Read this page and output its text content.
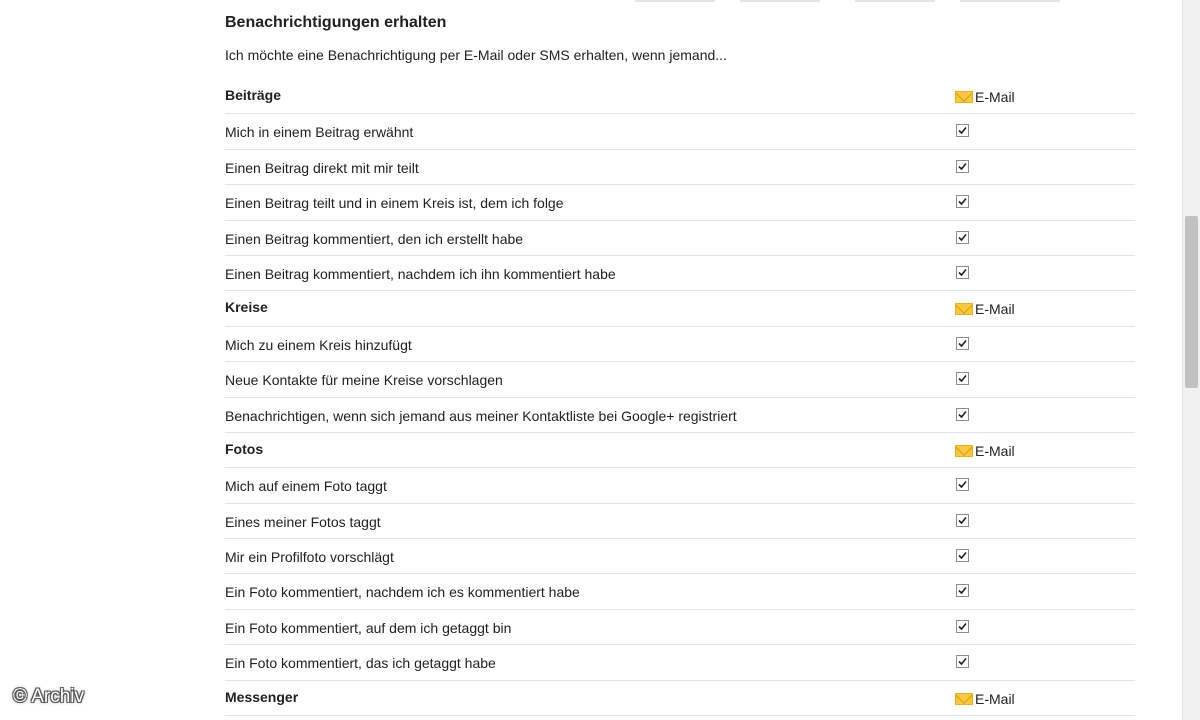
Benachrichtigungen erhalten
Ich möchte eine Benachrichtigung per E-Mail oder SMS erhalten, wenn jemand...
Beiträge	E-Mail
Mich in einem Beitrag erwähnt
Einen Beitrag direkt mit mir teilt
Einen Beitrag teilt und in einem Kreis ist, dem ich folge
Einen Beitrag kommentiert, den ich erstellt habe
Einen Beitrag kommentiert, nachdem ich ihn kommentiert habe
Kreise	E-Mail
Mich zu einem Kreis hinzufügt
Neue Kontakte für meine Kreise vorschlagen
Benachrichtigen, wenn sich jemand aus meiner Kontaktliste bei Google+ registriert
Fotos	E-Mail
Mich auf einem Foto taggt
Eines meiner Fotos taggt
Mir ein Profilfoto vorschlägt
Ein Foto kommentiert, nachdem ich es kommentiert habe
Ein Foto kommentiert, auf dem ich getaggt bin
Ein Foto kommentiert, das ich getaggt habe
Messenger	E-Mail
© Archiv
